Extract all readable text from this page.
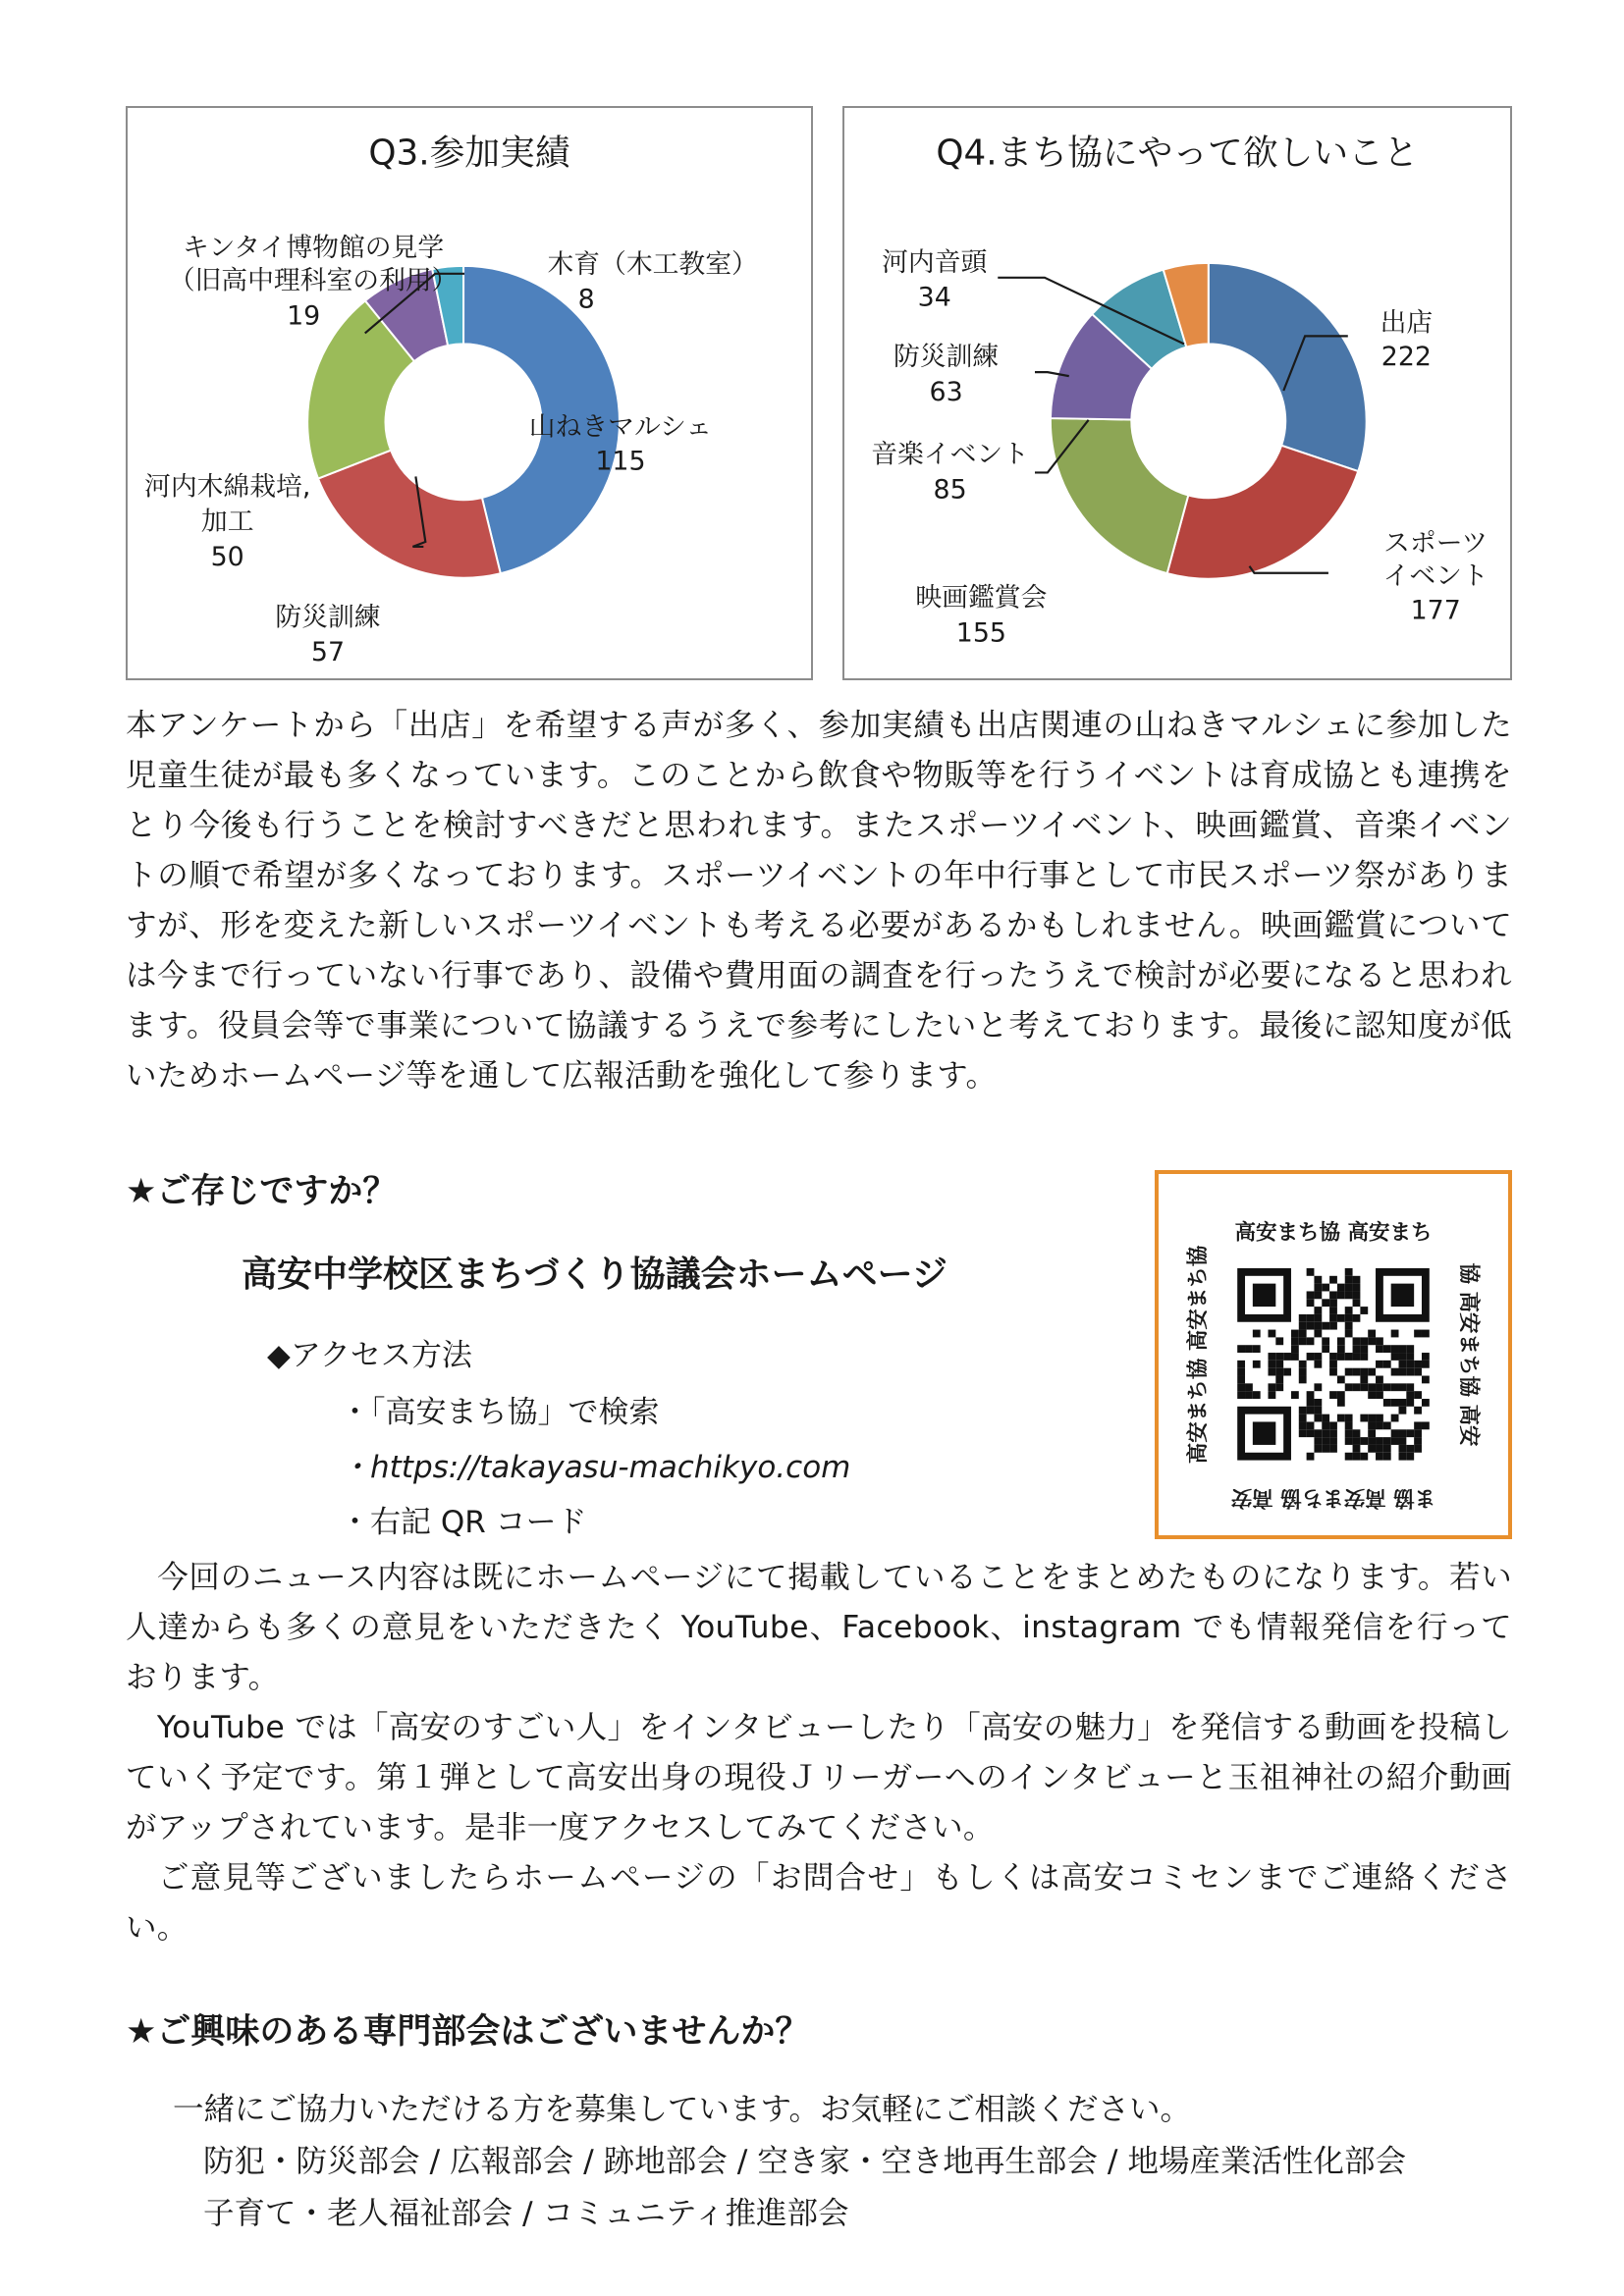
Q3.参加実績
木育（木工教室）
8
キンタイ博物館の見学
（旧高中理科室の利用）
19
山ねきマルシェ
115
河内木綿栽培,
加工
50
防災訓練
57
Q4.まち協にやって欲しいこと
出店
222
スポーツ
イベント
177
映画鑑賞会
155
音楽イベント
85
防災訓練
63
河内音頭
34

本アンケートから「出店」を希望する声が多く、参加実績も出店関連の山ねきマルシェに参加した児童生徒が最も多くなっています。このことから飲食や物販等を行うイベントは育成協とも連携をとり今後も行うことを検討すべきだと思われます。またスポーツイベント、映画鑑賞、音楽イベントの順で希望が多くなっております。スポーツイベントの年中行事として市民スポーツ祭がありますが、形を変えた新しいスポーツイベントも考える必要があるかもしれません。映画鑑賞については今まで行っていない行事であり、設備や費用面の調査を行ったうえで検討が必要になると思われます。役員会等で事業について協議するうえで参考にしたいと考えております。最後に認知度が低いためホームページ等を通して広報活動を強化して参ります。

★ご存じですか？
高安中学校区まちづくり協議会ホームページ

◆アクセス方法

・「高安まち協」で検索

・https://takayasu-machikyo.com

・右記 QR コード

高安まち協 高安まち
協 高安まち協 高安
ま協 高安まち協 高安
高安まち協 高安まち協

　今回のニュース内容は既にホームページにて掲載していることをまとめたものになります。若い人達からも多くの意見をいただきたく YouTube、Facebook、instagram でも情報発信を行っております。

　YouTube では「高安のすごい人」をインタビューしたり「高安の魅力」を発信する動画を投稿していく予定です。第１弾として高安出身の現役Ｊリーガーへのインタビューと玉祖神社の紹介動画がアップされています。是非一度アクセスしてみてください。

　ご意見等ございましたらホームページの「お問合せ」もしくは高安コミセンまでご連絡ください。

★ご興味のある専門部会はございませんか？

一緒にご協力いただける方を募集しています。お気軽にご相談ください。

防犯・防災部会 / 広報部会 / 跡地部会 / 空き家・空き地再生部会 / 地場産業活性化部会

子育て・老人福祉部会 / コミュニティ推進部会
